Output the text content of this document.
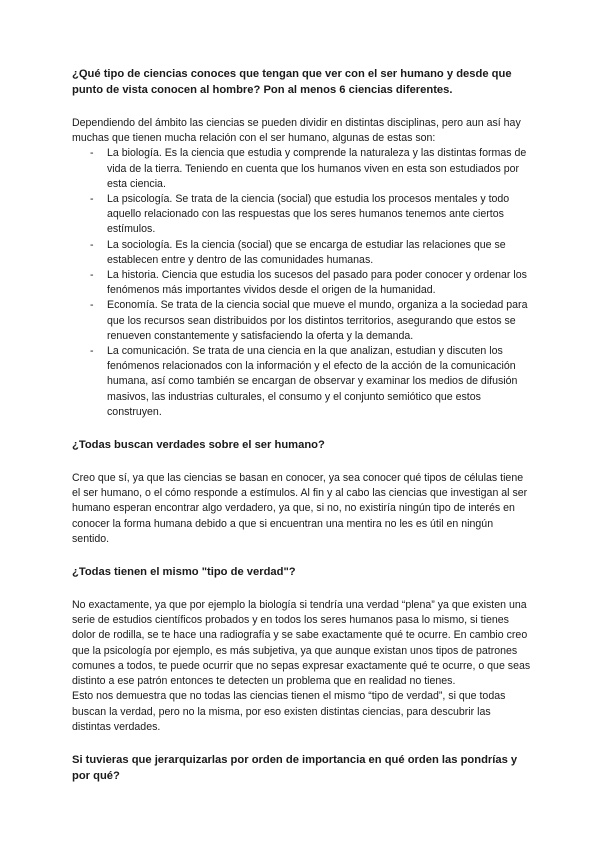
¿Qué tipo de ciencias conoces que tengan que ver con el ser humano y desde que punto de vista conocen al hombre? Pon al menos 6 ciencias diferentes.

Dependiendo del ámbito las ciencias se pueden dividir en distintas disciplinas, pero aun así hay muchas que tienen mucha relación con el ser humano, algunas de estas son:

- La biología. Es la ciencia que estudia y comprende la naturaleza y las distintas formas de vida de la tierra. Teniendo en cuenta que los humanos viven en esta son estudiados por esta ciencia.
- La psicología. Se trata de la ciencia (social) que estudia los procesos mentales y todo aquello relacionado con las respuestas que los seres humanos tenemos ante ciertos estímulos.
- La sociología. Es la ciencia (social) que se encarga de estudiar las relaciones que se establecen entre y dentro de las comunidades humanas.
- La historia. Ciencia que estudia los sucesos del pasado para poder conocer y ordenar los fenómenos más importantes vividos desde el origen de la humanidad.
- Economía. Se trata de la ciencia social que mueve el mundo, organiza a la sociedad para que los recursos sean distribuidos por los distintos territorios, asegurando que estos se renueven constantemente y satisfaciendo la oferta y la demanda.
- La comunicación. Se trata de una ciencia en la que analizan, estudian y discuten los fenómenos relacionados con la información y el efecto de la acción de la comunicación humana, así como también se encargan de observar y examinar los medios de difusión masivos, las industrias culturales, el consumo y el conjunto semiótico que estos construyen.

¿Todas buscan verdades sobre el ser humano?

Creo que sí, ya que las ciencias se basan en conocer, ya sea conocer qué tipos de células tiene el ser humano, o el cómo responde a estímulos. Al fin y al cabo las ciencias que investigan al ser humano esperan encontrar algo verdadero, ya que, si no, no existiría ningún tipo de interés en conocer la forma humana debido a que si encuentran una mentira no les es útil en ningún sentido.

¿Todas tienen el mismo "tipo de verdad"?

No exactamente, ya que por ejemplo la biología si tendría una verdad “plena” ya que existen una serie de estudios científicos probados y en todos los seres humanos pasa lo mismo, si tienes dolor de rodilla, se te hace una radiografía y se sabe exactamente qué te ocurre. En cambio creo que la psicología por ejemplo, es más subjetiva, ya que aunque existan unos tipos de patrones comunes a todos, te puede ocurrir que no sepas expresar exactamente qué te ocurre, o que seas distinto a ese patrón entonces te detecten un problema que en realidad no tienes.

Esto nos demuestra que no todas las ciencias tienen el mismo “tipo de verdad”, si que todas buscan la verdad, pero no la misma, por eso existen distintas ciencias, para descubrir las distintas verdades.

Si tuvieras que jerarquizarlas por orden de importancia en qué orden las pondrías y por qué?
